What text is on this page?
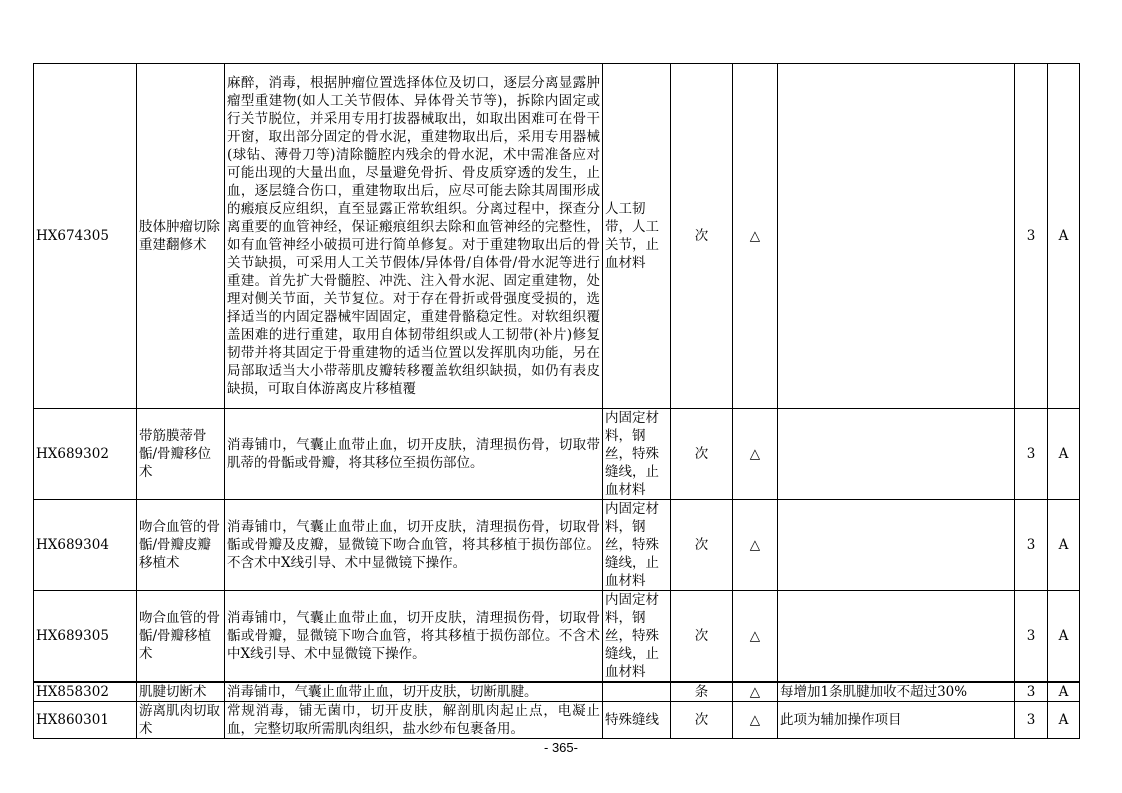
HX674305	肢体肿瘤切除重建翻修术	麻醉，消毒，根据肿瘤位置选择体位及切口，逐层分离显露肿瘤型重建物(如人工关节假体、异体骨关节等)，拆除内固定或行关节脱位，并采用专用打拔器械取出，如取出困难可在骨干开窗，取出部分固定的骨水泥，重建物取出后，采用专用器械(球钻、薄骨刀等)清除髓腔内残余的骨水泥，术中需准备应对可能出现的大量出血，尽量避免骨折、骨皮质穿透的发生，止血，逐层缝合伤口，重建物取出后，应尽可能去除其周围形成的瘢痕反应组织，直至显露正常软组织。分离过程中，探查分离重要的血管神经，保证瘢痕组织去除和血管神经的完整性，如有血管神经小破损可进行简单修复。对于重建物取出后的骨关节缺损，可采用人工关节假体/异体骨/自体骨/骨水泥等进行重建。首先扩大骨髓腔、冲洗、注入骨水泥、固定重建物，处理对侧关节面，关节复位。对于存在骨折或骨强度受损的，选择适当的内固定器械牢固固定，重建骨骼稳定性。对软组织覆盖困难的进行重建，取用自体韧带组织或人工韧带(补片)修复韧带并将其固定于骨重建物的适当位置以发挥肌肉功能，另在局部取适当大小带蒂肌皮瓣转移覆盖软组织缺损，如仍有表皮缺损，可取自体游离皮片移植覆	人工韧带，人工关节，止血材料	次	△		3	A
HX689302	带筋膜蒂骨骺/骨瓣移位术	消毒铺巾，气囊止血带止血，切开皮肤，清理损伤骨，切取带肌蒂的骨骺或骨瓣，将其移位至损伤部位。	内固定材料，钢丝，特殊缝线，止血材料	次	△		3	A
HX689304	吻合血管的骨骺/骨瓣皮瓣移植术	消毒铺巾，气囊止血带止血，切开皮肤，清理损伤骨，切取骨骺或骨瓣及皮瓣，显微镜下吻合血管，将其移植于损伤部位。不含术中X线引导、术中显微镜下操作。	内固定材料，钢丝，特殊缝线，止血材料	次	△		3	A
HX689305	吻合血管的骨骺/骨瓣移植术	消毒铺巾，气囊止血带止血，切开皮肤，清理损伤骨，切取骨骺或骨瓣，显微镜下吻合血管，将其移植于损伤部位。不含术中X线引导、术中显微镜下操作。	内固定材料，钢丝，特殊缝线，止血材料	次	△		3	A
HX858302	肌腱切断术	消毒铺巾，气囊止血带止血，切开皮肤，切断肌腱。		条	△	每增加1条肌腱加收不超过30%	3	A
HX860301	游离肌肉切取术	常规消毒，铺无菌巾，切开皮肤，解剖肌肉起止点，电凝止血，完整切取所需肌肉组织，盐水纱布包裹备用。	特殊缝线	次	△	此项为辅加操作项目	3	A
- 365-
